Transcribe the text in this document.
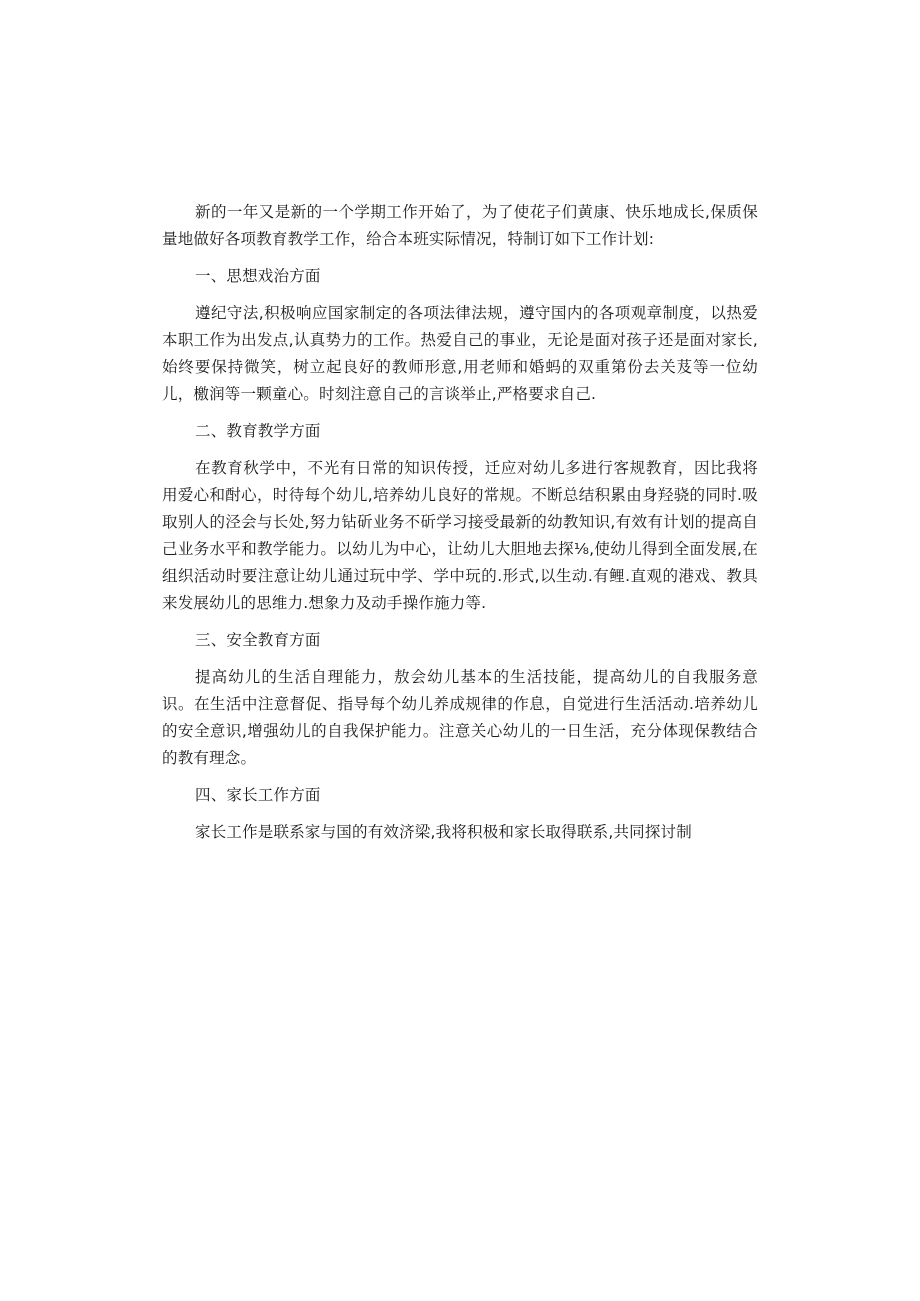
新的一年又是新的一个学期工作开始了，为了使花子们黄康、快乐地成长,保质保量地做好各项教育教学工作，给合本班实际情况，特制订如下工作计划:

一、思想戏治方面

遵纪守法,积极响应国家制定的各项法律法规，遵守国内的各项观章制度，以热爱本职工作为出发点,认真势力的工作。热爱自己的事业，无论是面对孩子还是面对家长,始终要保持微笑，树立起良好的教师形意,用老师和婚蚂的双重第份去关芨等一位幼儿，檄润等一颗童心。时刻注意自己的言谈举止,严格要求自己.

二、教育教学方面

在教育秋学中，不光有日常的知识传授，迁应对幼儿多进行客规教育，因比我将用爱心和酎心，时待每个幼儿,培养幼儿良好的常规。不断总结积累由身羟骁的同时.吸取别人的泾会与长处,努力钻斫业务不斫学习接受最新的幼教知识,有效有计划的提高自己业务水平和教学能力。以幼儿为中心，让幼儿大胆地去探⅛,使幼儿得到全面发展,在组织活动时要注意让幼儿通过玩中学、学中玩的.形式,以生动.有鲤.直观的港戏、教具来发展幼儿的思维力.想象力及动手操作施力等.

三、安全教育方面

提高幼儿的生活自理能力，敖会幼儿基本的生活技能，提高幼儿的自我服务意识。在生活中注意督促、指导每个幼儿养成规律的作息，自觉进行生活活动.培养幼儿的安全意识,增强幼儿的自我保护能力。注意关心幼儿的一日生活，充分体现保教结合的教有理念。

四、家长工作方面

家长工作是联系家与国的有效济梁,我将积极和家长取得联系,共同探讨制
